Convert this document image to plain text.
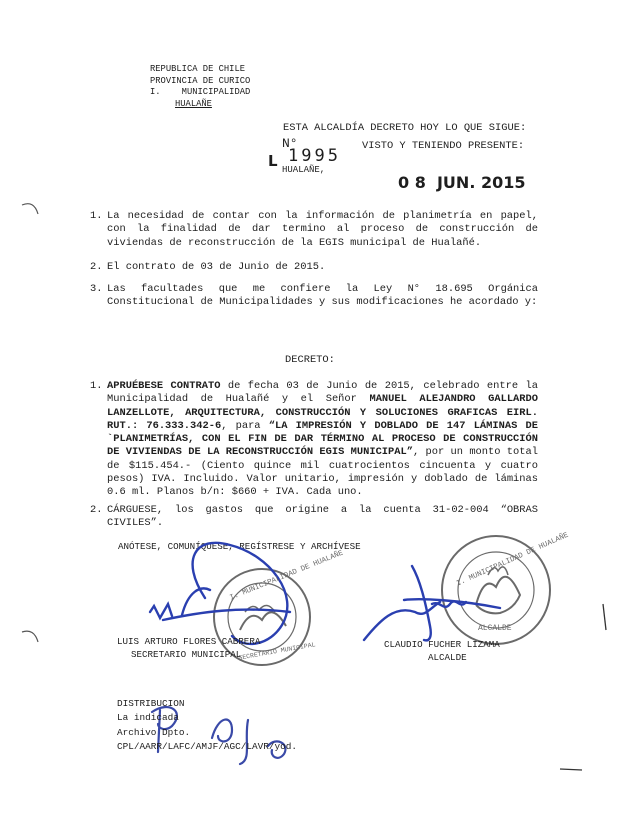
REPUBLICA DE CHILE
PROVINCIA DE CURICO
I.    MUNICIPALIDAD
HUALAÑE
ESTA ALCALDÍA DECRETO HOY LO QUE SIGUE:
N°	VISTO Y TENIENDO PRESENTE:
L 1995
HUALAÑE,
0 8  JUN. 2015
1. La necesidad de contar con la información de planimetría en papel, con la finalidad de dar termino al proceso de construcción de viviendas de reconstrucción de la EGIS municipal de Hualañé.
2. El contrato de 03 de Junio de 2015.
3. Las facultades que me confiere la Ley N° 18.695 Orgánica Constitucional de Municipalidades y sus modificaciones he acordado y:
DECRETO:
1. APRUÉBESE CONTRATO de fecha 03 de Junio de 2015, celebrado entre la Municipalidad de Hualañé y el Señor MANUEL ALEJANDRO GALLARDO LANZELLOTE, ARQUITECTURA, CONSTRUCCIÓN Y SOLUCIONES GRAFICAS EIRL. RUT.: 76.333.342-6, para “LA IMPRESIÓN Y DOBLADO DE 147 LÁMINAS DE `PLANIMETRÍAS, CON EL FIN DE DAR TÉRMINO AL PROCESO DE CONSTRUCCIÓN DE VIVIENDAS DE LA RECONSTRUCCIÓN EGIS MUNICIPAL”, por un monto total de $115.454.- (Ciento quince mil cuatrocientos cincuenta y cuatro pesos) IVA. Incluido. Valor unitario, impresión y doblado de láminas 0.6 ml. Planos b/n: $660 + IVA. Cada uno.
2. CÁRGUESE, los gastos que origine a la cuenta 31-02-004 “OBRAS CIVILES”.
ANÓTESE, COMUNÍQUESE, REGÍSTRESE Y ARCHÍVESE
I. MUNICIPALIDAD DE HUALAÑE
SECRETARIO MUNICIPAL
I. MUNICIPALIDAD DE HUALAÑE
ALCALDE
LUIS ARTURO FLORES CABRERA
SECRETARIO MUNICIPAL
CLAUDIO FUCHER LIZAMA
ALCALDE
DISTRIBUCION
La indicada
Archivo Dpto.
CPL/AARR/LAFC/AMJF/AGC/LAVR/yod.
